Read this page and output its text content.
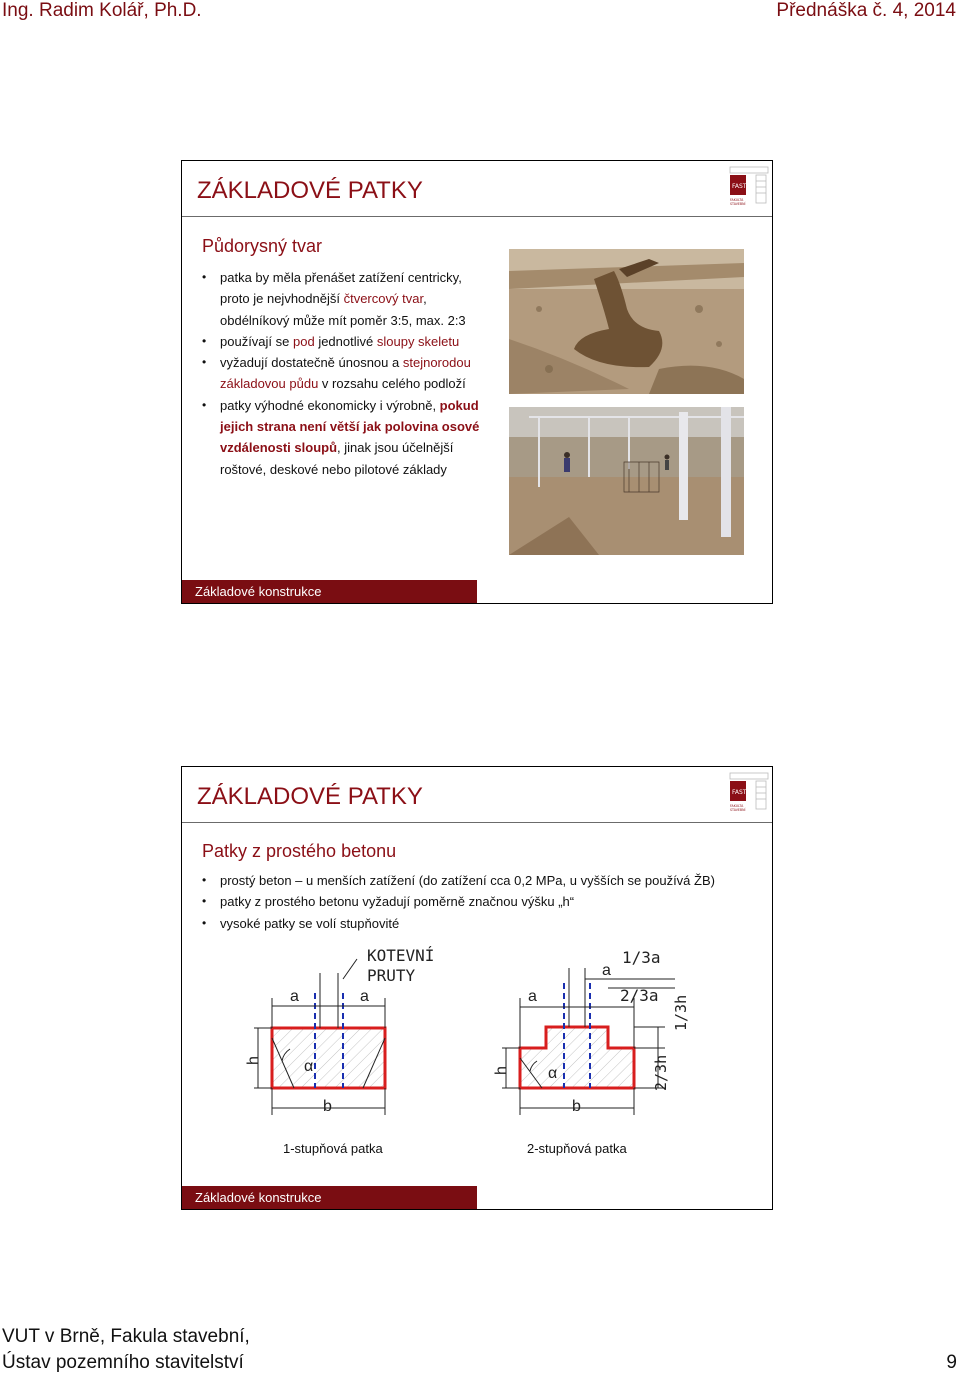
Ing. Radim Kolář, Ph.D.	Přednáška č. 4, 2014
VUT v Brně, Fakula stavební,
Ústav pozemního stavitelství	9
ZÁKLADOVÉ PATKY	FAST
FAKULTA
STAVEBNÍ
Půdorysný tvar
• patka by měla přenášet zatížení centricky, proto je nejvhodnější čtvercový tvar, obdélníkový může mít poměr 3:5, max. 2:3
• používají se pod jednotlivé sloupy skeletu
• vyžadují dostatečně únosnou a stejnorodou základovou půdu v rozsahu celého podloží
• patky výhodné ekonomicky i výrobně, pokud jejich strana není větší jak polovina osové vzdálenosti sloupů, jinak jsou účelnější roštové, deskové nebo pilotové základy
Základové konstrukce
ZÁKLADOVÉ PATKY	FAST
FAKULTA
STAVEBNÍ
Patky z prostého betonu
• prostý beton – u menších zatížení (do zatížení cca 0,2 MPa, u vyšších se používá ŽB)
• patky z prostého betonu vyžadují poměrně značnou výšku „h“
• vysoké patky se volí stupňovité
KOTEVNÍ
PRUTY
a	a
h
b
α
1/3a
a
2/3a
a	1/3h
2/3h
h
b
α
1-stupňová patka	2-stupňová patka
Základové konstrukce
